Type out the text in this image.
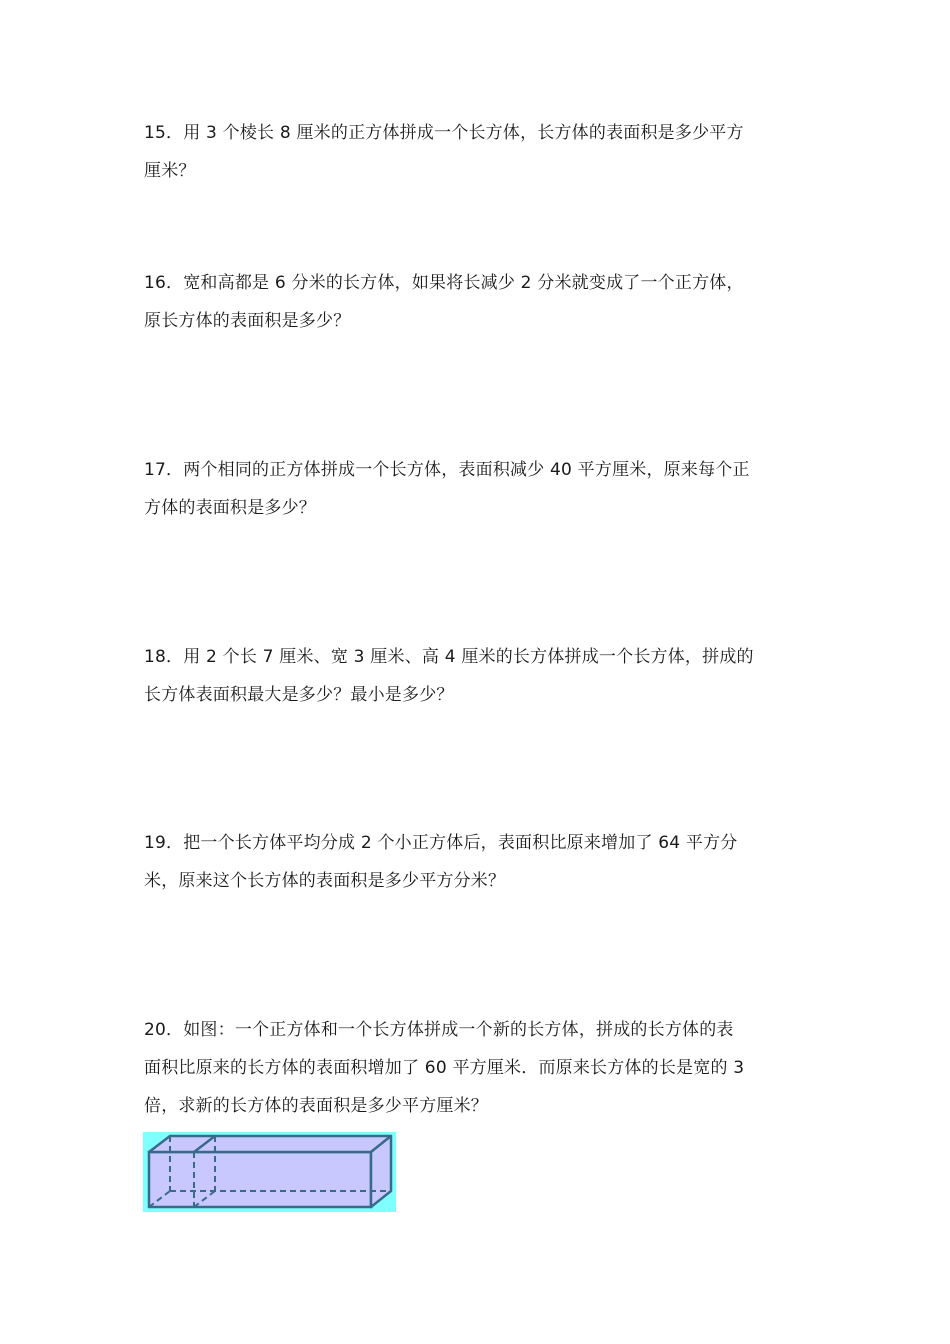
15．用 3 个棱长 8 厘米的正方体拼成一个长方体，长方体的表面积是多少平方

厘米？

16．宽和高都是 6 分米的长方体，如果将长减少 2 分米就变成了一个正方体，

原长方体的表面积是多少？

17．两个相同的正方体拼成一个长方体，表面积减少 40 平方厘米，原来每个正

方体的表面积是多少？

18．用 2 个长 7 厘米、宽 3 厘米、高 4 厘米的长方体拼成一个长方体，拼成的

长方体表面积最大是多少？最小是多少？

19．把一个长方体平均分成 2 个小正方体后，表面积比原来增加了 64 平方分

米，原来这个长方体的表面积是多少平方分米？

20．如图：一个正方体和一个长方体拼成一个新的长方体，拼成的长方体的表

面积比原来的长方体的表面积增加了 60 平方厘米．而原来长方体的长是宽的 3

倍，求新的长方体的表面积是多少平方厘米？
